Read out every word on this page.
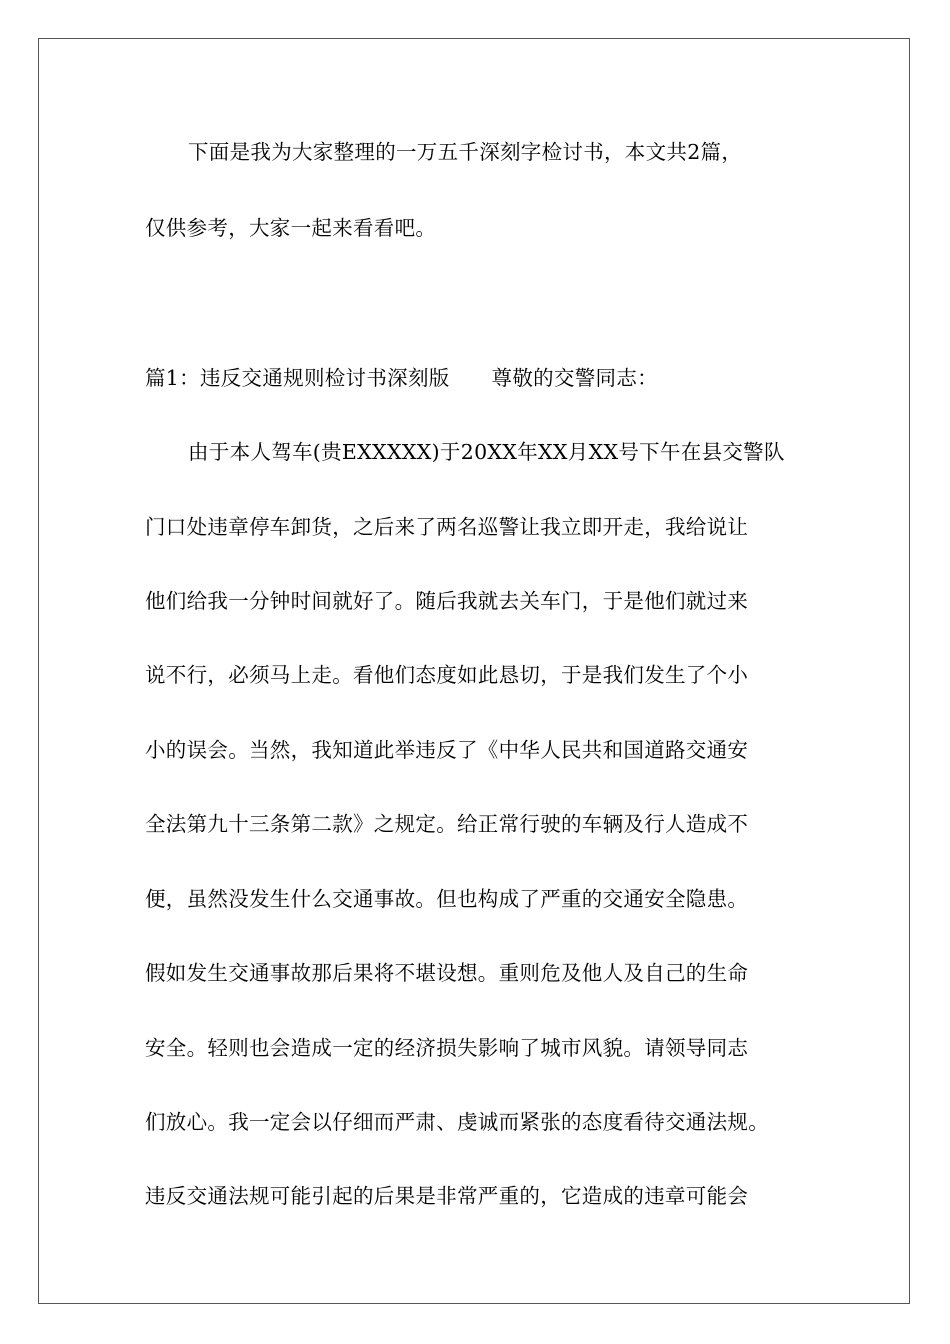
下面是我为大家整理的一万五千深刻字检讨书，本文共2篇，
仅供参考，大家一起来看看吧。
篇1：违反交通规则检讨书深刻版 尊敬的交警同志：
由于本人驾车(贵EXXXXX)于20XX年XX月XX号下午在县交警队
门口处违章停车卸货，之后来了两名巡警让我立即开走，我给说让
他们给我一分钟时间就好了。随后我就去关车门，于是他们就过来
说不行，必须马上走。看他们态度如此恳切，于是我们发生了个小
小的误会。当然，我知道此举违反了《中华人民共和国道路交通安
全法第九十三条第二款》之规定。给正常行驶的车辆及行人造成不
便，虽然没发生什么交通事故。但也构成了严重的交通安全隐患。
假如发生交通事故那后果将不堪设想。重则危及他人及自己的生命
安全。轻则也会造成一定的经济损失影响了城市风貌。请领导同志
们放心。我一定会以仔细而严肃、虔诚而紧张的态度看待交通法规。
违反交通法规可能引起的后果是非常严重的，它造成的违章可能会
